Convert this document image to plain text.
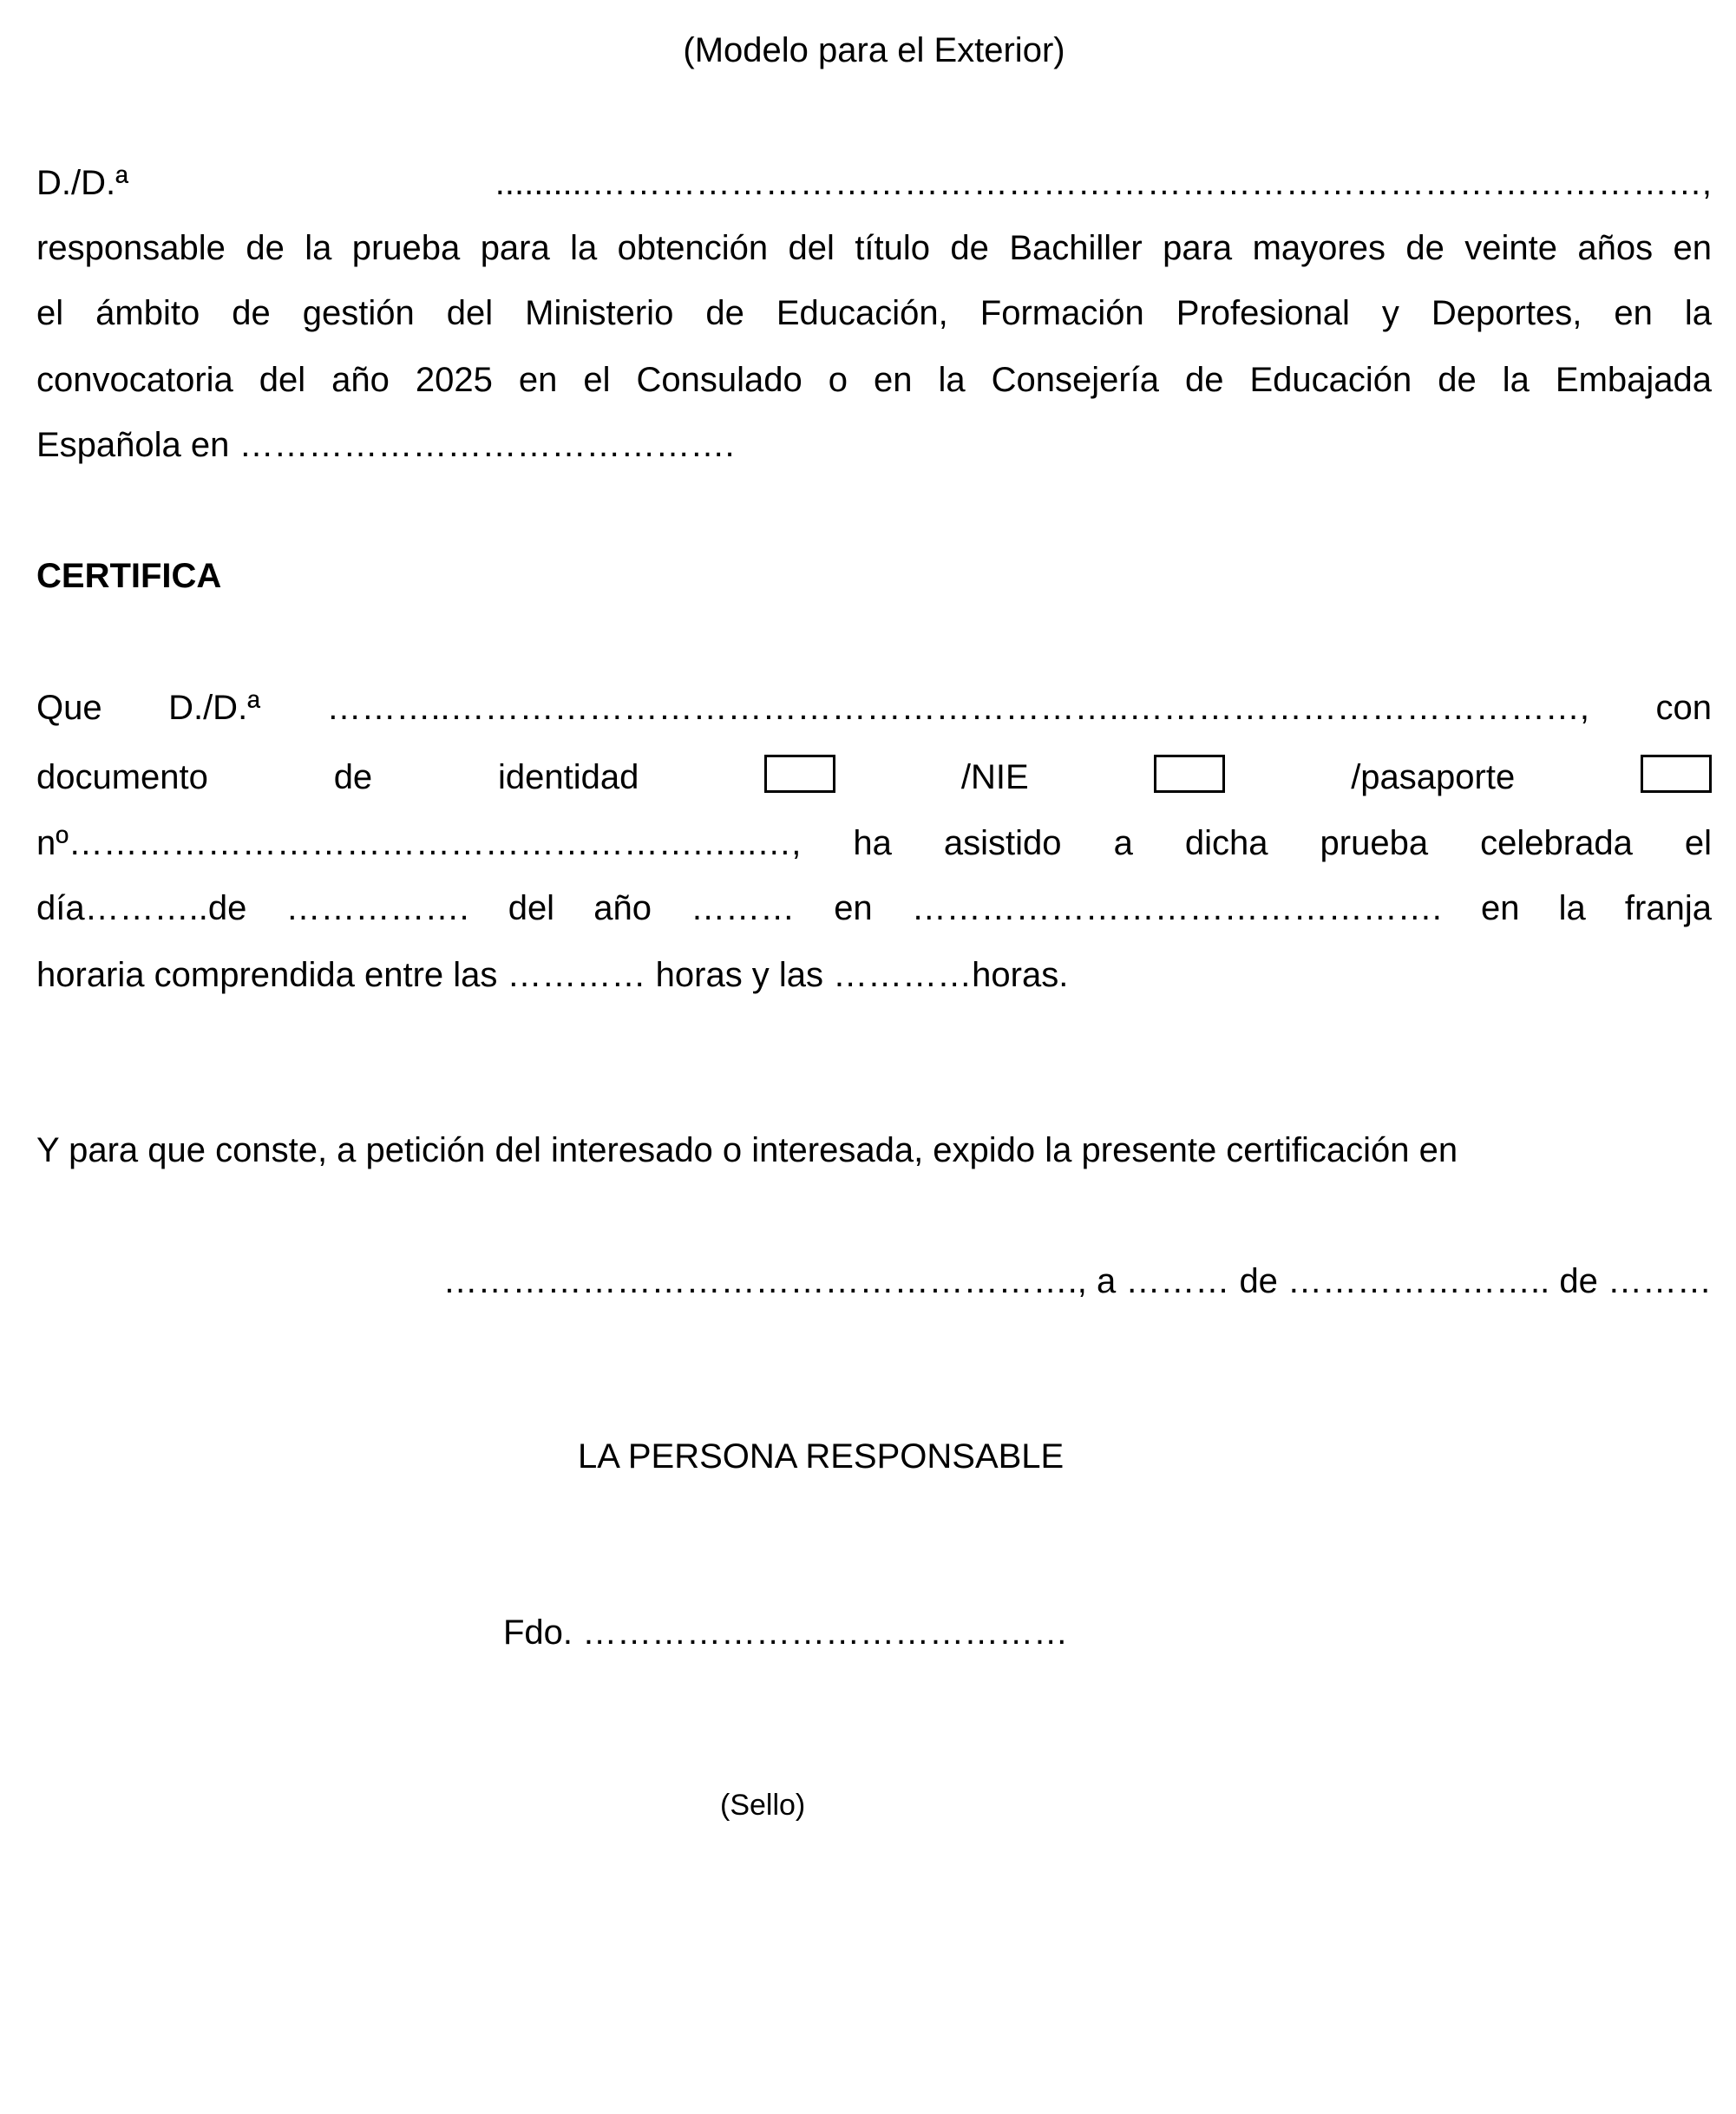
(Modelo para el Exterior)
D./D.ª	..........……………………………………………………………………………………,
responsable de la prueba para la obtención del título de Bachiller para mayores de veinte años en
el ámbito de gestión del Ministerio de Educación, Formación Profesional y Deportes, en la
convocatoria del año 2025 en el Consulado o en la Consejería de Educación de la Embajada
Española en …………………………………….
CERTIFICA
Que D./D.ª ………..…………………………………………………..…………………………………, con
documento	de	identidad	/NIE	/pasaporte
nº……………………………………………….…..…, ha asistido a dicha prueba celebrada el
día………..de ……………. del año ……… en ………………………………………. en la franja
horaria comprendida entre las ………… horas y las …………horas.
Y para que conste, a petición del interesado o interesada, expido la presente certificación en
………………………………………………., a ……… de ………………….. de ………
LA PERSONA RESPONSABLE
Fdo. ……………………………………
(Sello)
